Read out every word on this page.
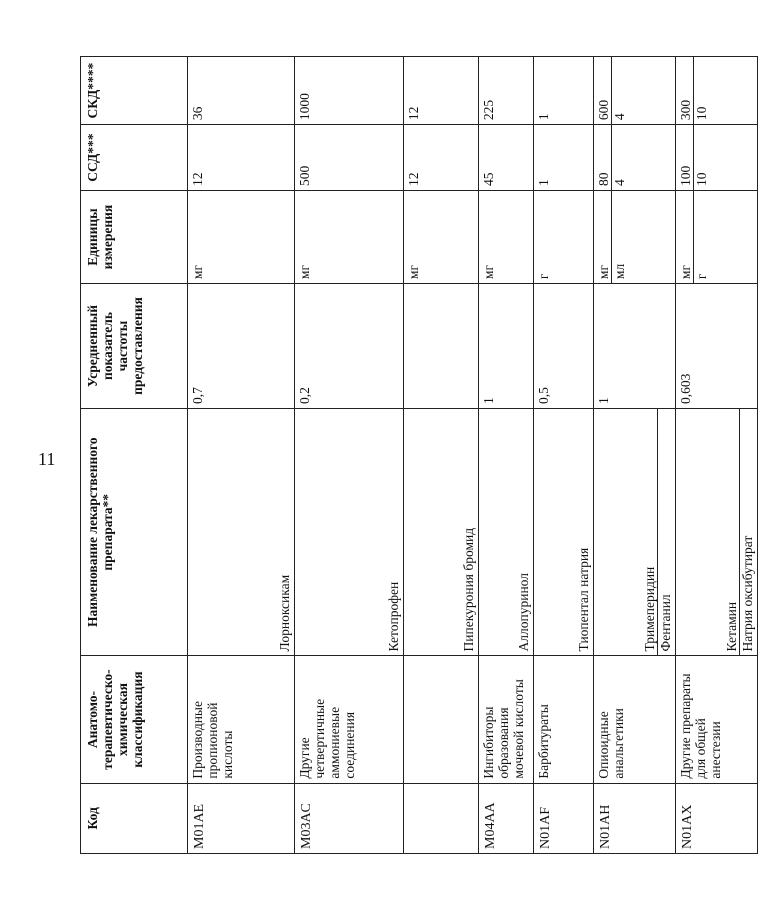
11
Код	Анатомо-терапевтическо-химическая классификация	Наименование лекарственного препарата**	Усредненный показатель частоты предоставления	Единицы измерения	ССД***	СКД****
M01AE	Производные пропионовой кислоты	Лорноксикам	0,7	мг	12	36

M03AC	Другие четвертичные аммониевые соединения	Кетопрофен	0,2	мг	500	1000

		Пипекурония бромид		мг	12	12

M04AA	Ингибиторы образования мочевой кислоты	Аллопуринол	1	мг	45	225

N01AF	Барбитураты	Тиопентал натрия	0,5	г	1	1

N01AH	Опиоидные анальгетики	Тримеперидин Фентанил	1	мг мл	80 4	600 4

N01AX	Другие препараты для общей анестезии	Кетамин Натрия оксибутират	0,603	мг г	100 10	300 10
